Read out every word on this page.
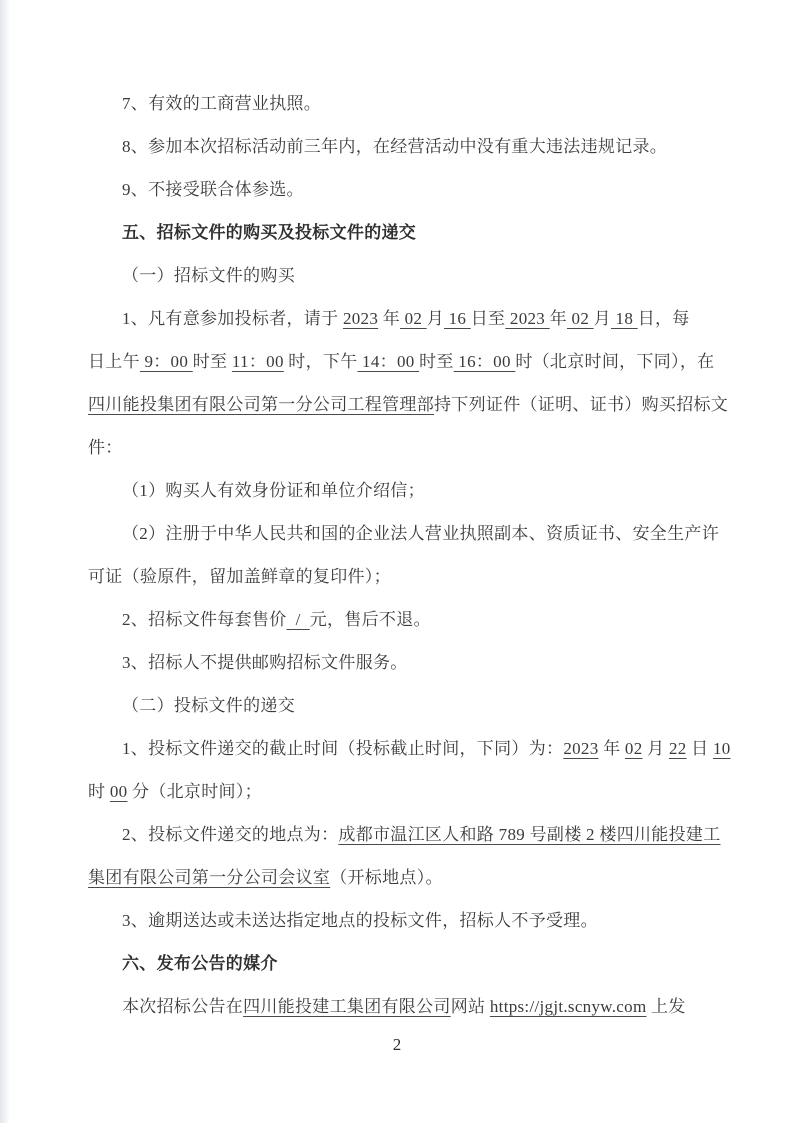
7、有效的工商营业执照。
8、参加本次招标活动前三年内，在经营活动中没有重大违法违规记录。
9、不接受联合体参选。
五、招标文件的购买及投标文件的递交
（一）招标文件的购买
1、凡有意参加投标者，请于 2023 年 02 月 16 日至 2023 年 02 月 18 日，每
日上午 9：00 时至 11：00 时，下午 14：00 时至 16：00 时（北京时间，下同），在
四川能投集团有限公司第一分公司工程管理部持下列证件（证明、证书）购买招标文
件：
（1）购买人有效身份证和单位介绍信；
（2）注册于中华人民共和国的企业法人营业执照副本、资质证书、安全生产许
可证（验原件，留加盖鲜章的复印件）；
2、招标文件每套售价  /  元，售后不退。
3、招标人不提供邮购招标文件服务。
（二）投标文件的递交
1、投标文件递交的截止时间（投标截止时间，下同）为：2023 年 02 月 22 日 10
时 00 分（北京时间）；
2、投标文件递交的地点为：成都市温江区人和路 789 号副楼 2 楼四川能投建工
集团有限公司第一分公司会议室（开标地点）。
3、逾期送达或未送达指定地点的投标文件，招标人不予受理。
六、发布公告的媒介
本次招标公告在四川能投建工集团有限公司网站 https://jgjt.scnyw.com 上发
2
